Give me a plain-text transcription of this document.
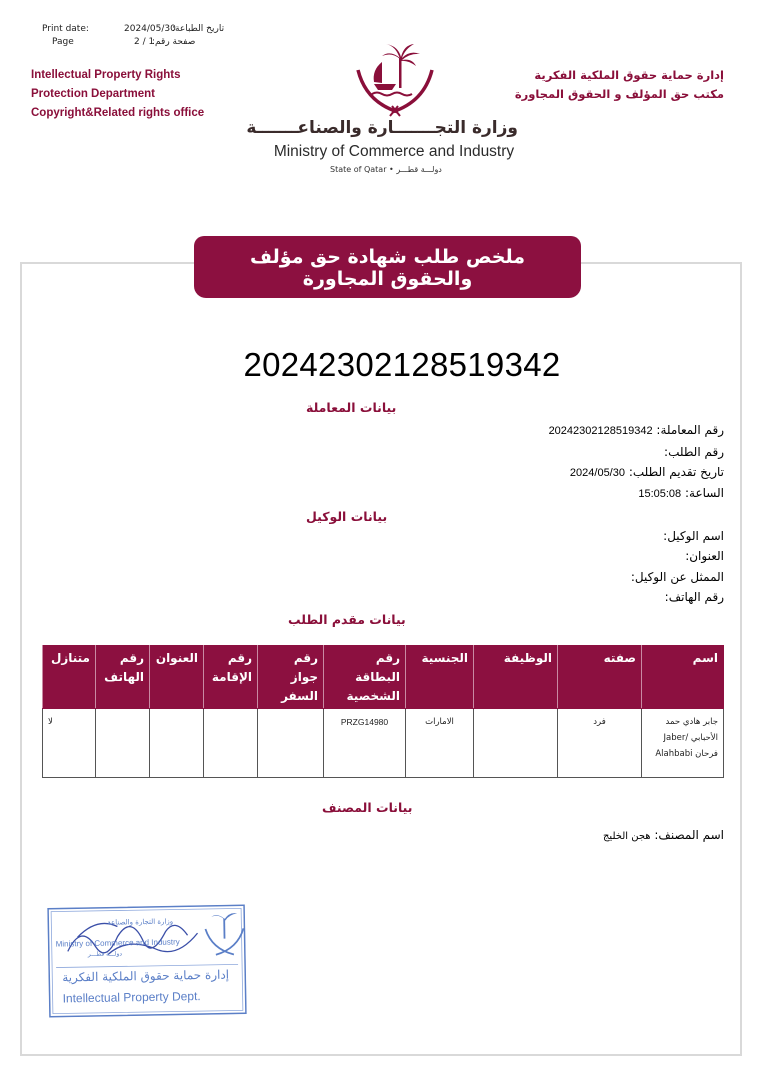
Print date:	2024/05/30
تاريخ الطباعة:
Page	2 / 1
صفحة رقم:
Intellectual Property Rights
Protection Department
Copyright&Related rights office
إدارة حماية حقوق الملكية الفكرية
مكتب حق المؤلف و الحقوق المجاورة
وزارة التجـــــــارة والصناعـــــــة
Ministry of Commerce and Industry
State of Qatar • دولـــة قطـــر
ملخص طلب شهادة حق مؤلف والحقوق المجاورة
20242302128519342
بيانات المعاملة
رقم المعاملة: 20242302128519342
رقم الطلب:
تاريخ تقديم الطلب: 2024/05/30
الساعة: 15:05:08
بيانات الوكيل
اسم الوكيل:
العنوان:
الممثل عن الوكيل:
رقم الهاتف:
بيانات مقدم الطلب
اسم	صفته	الوظيفة	الجنسية	رقم البطاقة الشخصية	رقم جواز السفر	رقم الإقامة	العنوان	رقم الهاتف	متنازل
جابر هادي حمد الأحبابي /Jaber فرحان Alahbabi	فرد		الامارات	PRZG14980					لا
بيانات المصنف
اسم المصنف: هجن الخليج
وزارة التجارة والصناعة
Ministry of Commerce and Industry
دولـــة قطـــر
إدارة حماية حقوق الملكية الفكرية
Intellectual Property Dept.
